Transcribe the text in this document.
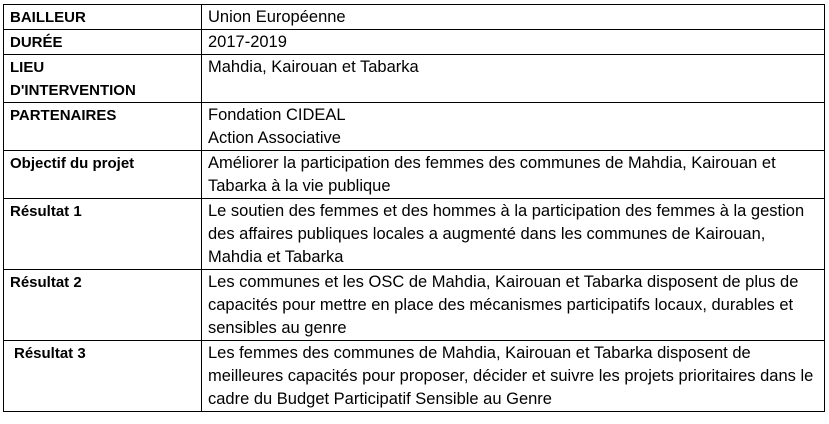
BAILLEUR	Union Européenne
DURÉE	2017-2019

LIEU
D'INTERVENTION	Mahdia, Kairouan et Tabarka
PARTENAIRES	Fondation CIDEAL
Action Associative

Objectif du projet	Améliorer la participation des femmes des communes de Mahdia, Kairouan et Tabarka à la vie publique
Résultat 1	Le soutien des femmes et des hommes à la participation des femmes à la gestion des affaires publiques locales a augmenté dans les communes de Kairouan, Mahdia et Tabarka
Résultat 2	Les communes et les OSC de Mahdia, Kairouan et Tabarka disposent de plus de capacités pour mettre en place des mécanismes participatifs locaux, durables et sensibles au genre
Résultat 3	Les femmes des communes de Mahdia, Kairouan et Tabarka disposent de meilleures capacités pour proposer, décider et suivre les projets prioritaires dans le cadre du Budget Participatif Sensible au Genre
